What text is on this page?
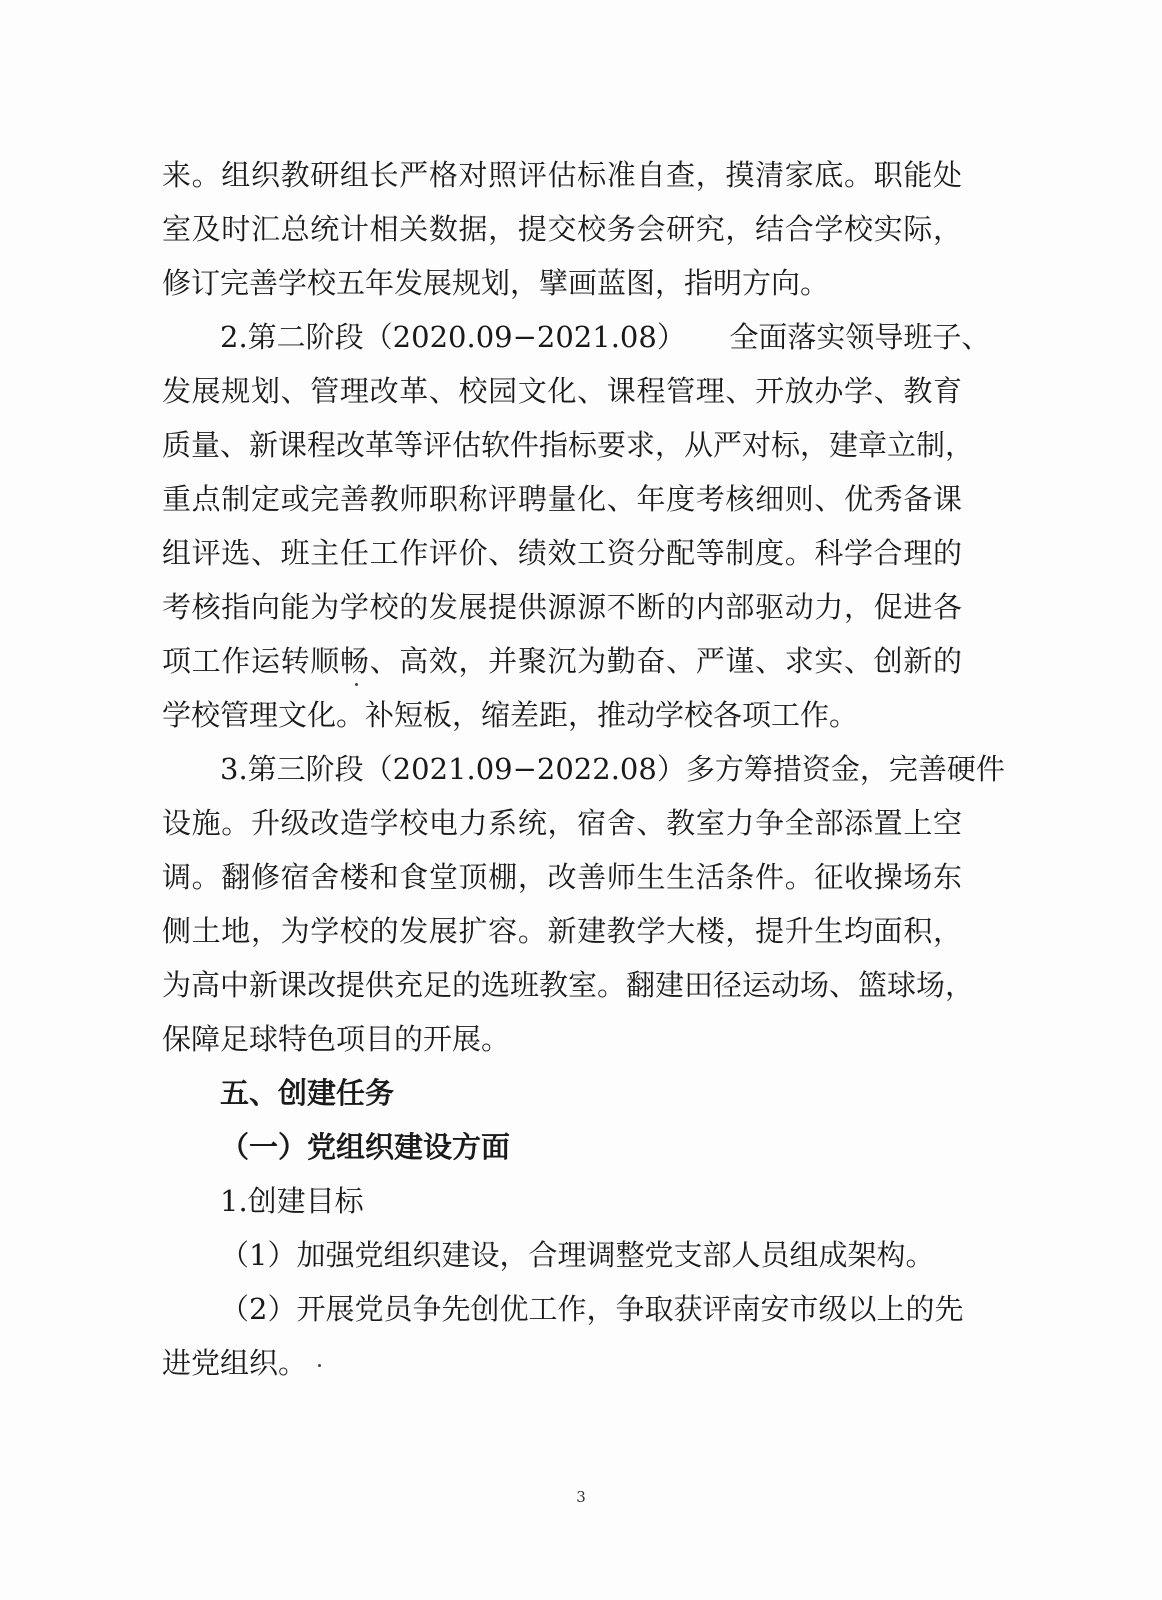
来。组织教研组长严格对照评估标准自查，摸清家底。职能处
室及时汇总统计相关数据，提交校务会研究，结合学校实际，
修订完善学校五年发展规划，擘画蓝图，指明方向。
2.第二阶段（2020.09−2021.08）　　全面落实领导班子、
发展规划、管理改革、校园文化、课程管理、开放办学、教育
质量、新课程改革等评估软件指标要求，从严对标，建章立制，
重点制定或完善教师职称评聘量化、年度考核细则、优秀备课
组评选、班主任工作评价、绩效工资分配等制度。科学合理的
考核指向能为学校的发展提供源源不断的内部驱动力，促进各
项工作运转顺畅、高效，并聚沉为勤奋、严谨、求实、创新的
学校管理文化。补短板，缩差距，推动学校各项工作。
3.第三阶段（2021.09−2022.08）多方筹措资金，完善硬件
设施。升级改造学校电力系统，宿舍、教室力争全部添置上空
调。翻修宿舍楼和食堂顶棚，改善师生生活条件。征收操场东
侧土地，为学校的发展扩容。新建教学大楼，提升生均面积，
为高中新课改提供充足的选班教室。翻建田径运动场、篮球场，
保障足球特色项目的开展。
五、创建任务
（一）党组织建设方面
1.创建目标
（1）加强党组织建设，合理调整党支部人员组成架构。
（2）开展党员争先创优工作，争取获评南安市级以上的先
进党组织。
3
